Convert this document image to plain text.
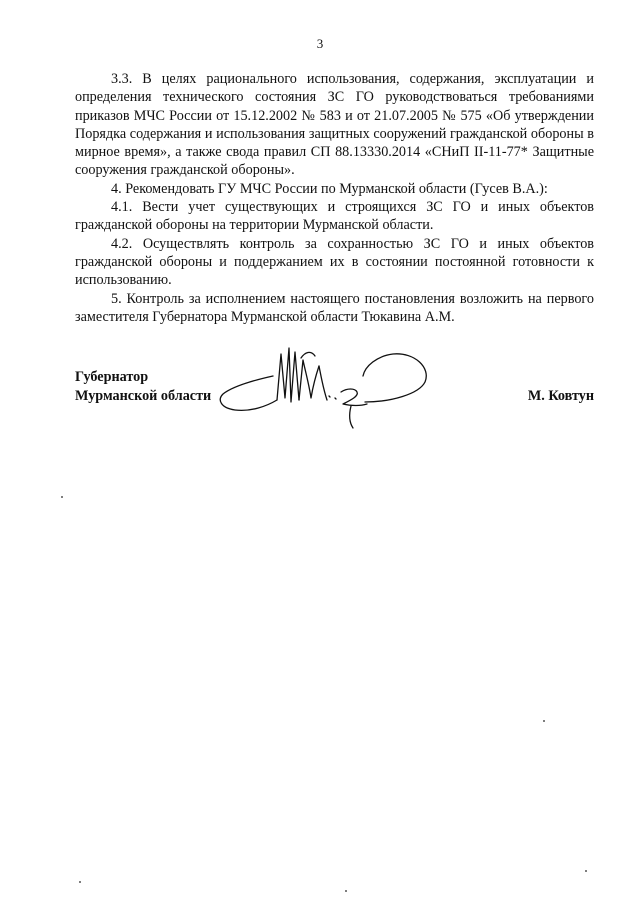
3

3.3. В целях рационального использования, содержания, эксплуатации и определения технического состояния ЗС ГО руководствоваться требованиями приказов МЧС России от 15.12.2002 № 583 и от 21.07.2005 № 575 «Об утверждении Порядка содержания и использования защитных сооружений гражданской обороны в мирное время», а также свода правил СП 88.13330.2014 «СНиП II-11-77* Защитные сооружения гражданской обороны».

4. Рекомендовать ГУ МЧС России по Мурманской области (Гусев В.А.):

4.1. Вести учет существующих и строящихся ЗС ГО и иных объектов гражданской обороны на территории Мурманской области.

4.2. Осуществлять контроль за сохранностью ЗС ГО и иных объектов гражданской обороны и поддержанием их в состоянии постоянной готовности к использованию.

5. Контроль за исполнением настоящего постановления возложить на первого заместителя Губернатора Мурманской области Тюкавина А.М.

Губернатор
Мурманской области	М. Ковтун
